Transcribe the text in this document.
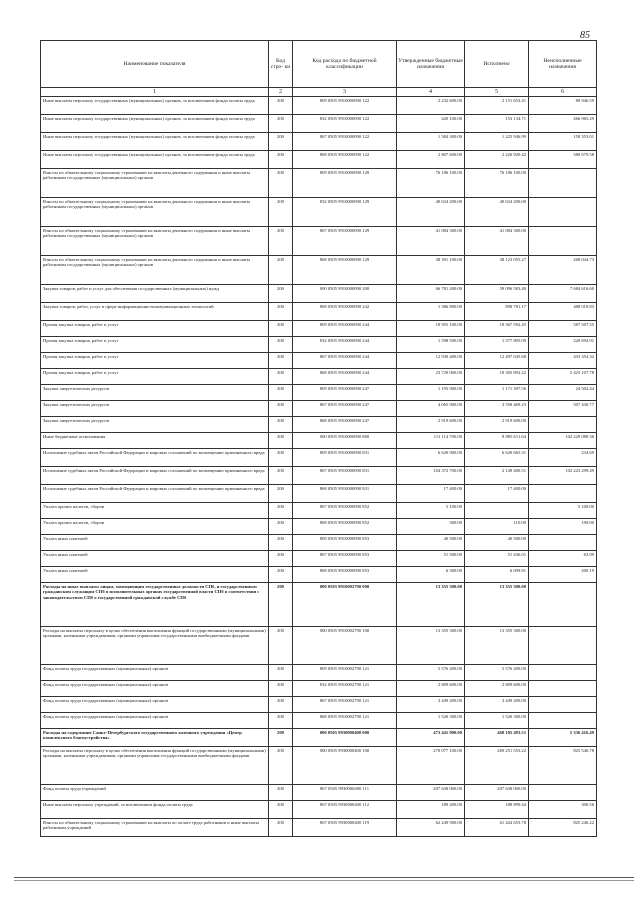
85
Наименование показателя	Код стро- ки	Код расхода по бюджетной классификации	Утвержденные бюджетные назначения	Исполнено	Неисполненные назначения
1	2	3	4	5	6
Иные выплаты персоналу государственных (муниципальных) органов, за исключением фонда оплаты труда	200	809 0505 9910000090 122	2 232 600.00	2 151 653.41	80 946.59
Иные выплаты персоналу государственных (муниципальных) органов, за исключением фонда оплаты труда	200	832 0505 9910000090 122	420 100.00	153 134.71	266 965.29
Иные выплаты персоналу государственных (муниципальных) органов, за исключением фонда оплаты труда	200	867 0505 9910000090 122	1 384 300.00	1 225 946.99	158 353.01
Иные выплаты персоналу государственных (муниципальных) органов, за исключением фонда оплаты труда	200	868 0505 9910000090 122	2 807 600.00	2 226 920.42	580 679.58
Взносы по обязательному социальному страхованию на выплаты денежного содержания и иные выплаты работникам государственных (муниципальных) органов	200	809 0505 9910000090 129	76 186 100.00	76 186 100.00	
Взносы по обязательному социальному страхованию на выплаты денежного содержания и иные выплаты работникам государственных (муниципальных) органов	200	832 0505 9910000090 129	40 634 200.00	40 634 200.00	
Взносы по обязательному социальному страхованию на выплаты денежного содержания и иные выплаты работникам государственных (муниципальных) органов	200	867 0505 9910000090 129	41 084 300.00	41 084 300.00	
Взносы по обязательному социальному страхованию на выплаты денежного содержания и иные выплаты работникам государственных (муниципальных) органов	200	868 0505 9910000090 129	38 391 100.00	38 123 055.27	268 044.73
Закупка товаров, работ и услуг для обеспечения государственных (муниципальных) нужд	200	000 0505 9910000090 200	66 781 200.00	59 096 583.40	7 684 616.60
Закупка товаров, работ, услуг в сфере информационно-коммуникационных технологий	200	868 0505 9910000090 242	1 386 800.00	898 781.17	488 018.83
Прочая закупка товаров, работ и услуг	200	809 0505 9910000090 244	18 955 100.00	18 367 592.45	587 507.55
Прочая закупка товаров, работ и услуг	200	832 0505 9910000090 244	1 598 500.00	1 377 805.09	220 694.91
Прочая закупка товаров, работ и услуг	200	867 0505 9910000090 244	12 930 400.00	12 497 045.68	433 354.32
Прочая закупка товаров, работ и услуг	200	868 0505 9910000090 244	23 729 000.00	18 305 892.22	5 423 107.78
Закупка энергетических ресурсов	200	809 0505 9910000090 247	1 195 900.00	1 171 397.56	24 502.44
Закупка энергетических ресурсов	200	867 0505 9910000090 247	4 065 900.00	3 558 469.23	507 430.77
Закупка энергетических ресурсов	200	868 0505 9910000090 247	2 919 600.00	2 919 600.00	
Иные бюджетные ассигнования	200	000 0505 9910000090 800	111 114 700.00	8 885 611.64	102 229 088.36
Исполнение судебных актов Российской Федерации и мировых соглашений по возмещению причиненного вреда	200	809 0505 9910000090 831	6 620 900.00	6 620 665.31	234.69
Исполнение судебных актов Российской Федерации и мировых соглашений по возмещению причиненного вреда	200	867 0505 9910000090 831	104 372 700.00	2 149 400.51	102 223 299.49
Исполнение судебных актов Российской Федерации и мировых соглашений по возмещению причиненного вреда	200	868 0505 9910000090 831	17 400.00	17 400.00	
Уплата прочих налогов, сборов	200	867 0505 9910000090 852	5 100.00		5 100.00
Уплата прочих налогов, сборов	200	868 0505 9910000090 852	300.00	110.00	190.00
Уплата иных платежей	200	809 0505 9910000090 853	40 500.00	40 500.00	
Уплата иных платежей	200	867 0505 9910000090 853	51 500.00	51 436.01	63.99
Уплата иных платежей	200	868 0505 9910000090 853	6 300.00	6 099.81	200.19
Расходы на иные выплаты лицам, замещающим государственные должности СПб, и государственным гражданским служащим СПб в исполнительных органах государственной власти СПб в соответствии с законодательством СПб о государственной гражданской службе СПб	200	000 0505 9910002790 000	13 355 300.00	13 355 300.00	
Расходы на выплаты персоналу в целях обеспечения выполнения функций государственными (муниципальными) органами, казенными учреждениями, органами управления государственными внебюджетными фондами	200	000 0505 9910002790 100	13 355 300.00	13 355 300.00	
Фонд оплаты труда государственных (муниципальных) органов	200	809 0505 9910002790 121	5 576 200.00	5 576 200.00	
Фонд оплаты труда государственных (муниципальных) органов	200	832 0505 9910002790 121	2 809 600.00	2 809 600.00	
Фонд оплаты труда государственных (муниципальных) органов	200	867 0505 9910002790 121	3 449 200.00	3 449 200.00	
Фонд оплаты труда государственных (муниципальных) органов	200	868 0505 9910002790 121	1 520 300.00	1 520 300.00	
Расходы на содержание Санкт-Петербургского государственного казенного учреждения «Центр комплексного благоустройства»	200	000 0505 9930000400 000	473 441 900.00	468 105 483.51	5 336 416.49
Расходы на выплаты персоналу в целях обеспечения выполнения функций государственными (муниципальными) органами, казенными учреждениями, органами управления государственными внебюджетными фондами	200	000 0505 9930000400 100	270 077 100.00	269 251 553.22	825 546.78
Фонд оплаты труда учреждений	200	867 0505 9930000400 111	207 638 000.00	207 638 000.00	
Иные выплаты персоналу учреждений, за исключением фонда оплаты труда	200	867 0505 9930000400 112	189 200.00	188 899.44	300.56
Взносы по обязательному социальному страхованию на выплаты по оплате труда работников и иные выплаты работникам учреждений	200	867 0505 9930000400 119	62 249 900.00	61 424 653.78	825 246.22
